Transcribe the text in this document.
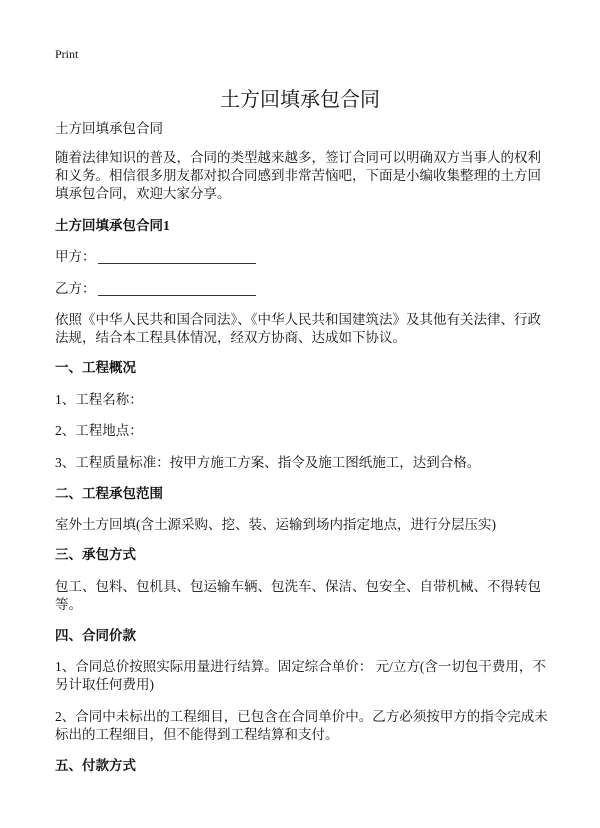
Print
土方回填承包合同

土方回填承包合同

随着法律知识的普及，合同的类型越来越多，签订合同可以明确双方当事人的权利和义务。相信很多朋友都对拟合同感到非常苦恼吧，下面是小编收集整理的土方回填承包合同，欢迎大家分享。

土方回填承包合同1

甲方：

乙方：

依照《中华人民共和国合同法》、《中华人民共和国建筑法》及其他有关法律、行政法规，结合本工程具体情况，经双方协商、达成如下协议。

一、工程概况

1、工程名称：

2、工程地点：

3、工程质量标准：按甲方施工方案、指令及施工图纸施工，达到合格。

二、工程承包范围

室外土方回填(含土源采购、挖、装、运输到场内指定地点，进行分层压实)

三、承包方式

包工、包料、包机具、包运输车辆、包洗车、保洁、包安全、自带机械、不得转包等。

四、合同价款

1、合同总价按照实际用量进行结算。固定综合单价： 元/立方(含一切包干费用，不另计取任何费用)

2、合同中未标出的工程细目，已包含在合同单价中。乙方必须按甲方的指令完成未标出的工程细目，但不能得到工程结算和支付。

五、付款方式
